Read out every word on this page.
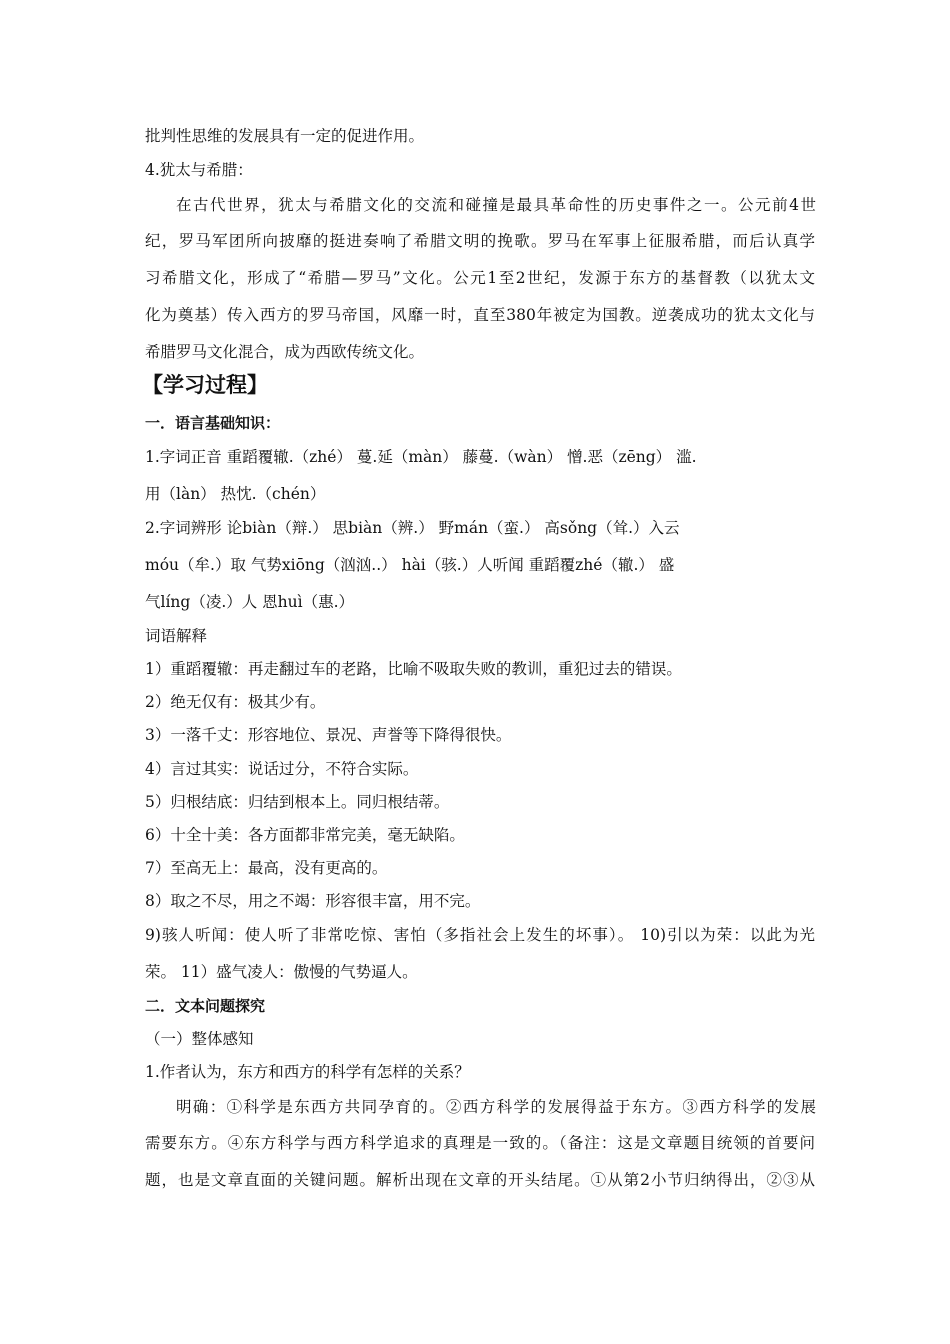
批判性思维的发展具有一定的促进作用。
4.犹太与希腊：
在古代世界，犹太与希腊文化的交流和碰撞是最具革命性的历史事件之一。公元前4世
纪，罗马军团所向披靡的挺进奏响了希腊文明的挽歌。罗马在军事上征服希腊，而后认真学
习希腊文化，形成了“希腊—罗马”文化。公元1至2世纪，发源于东方的基督教（以犹太文
化为奠基）传入西方的罗马帝国，风靡一时，直至380年被定为国教。逆袭成功的犹太文化与
希腊罗马文化混合，成为西欧传统文化。
【学习过程】
一．语言基础知识：
1.字词正音 重蹈覆辙.（zhé） 蔓.延（màn） 藤蔓.（wàn） 憎.恶（zēng） 滥.
用（làn） 热忱.（chén）
2.字词辨形 论biàn（辩.） 思biàn（辨.） 野mán（蛮.） 高sǒng（耸.）入云
móu（牟.）取 气势xiōng（汹汹..） hài（骇.）人听闻 重蹈覆zhé（辙.） 盛
气líng（凌.）人 恩huì（惠.）
词语解释
1）重蹈覆辙：再走翻过车的老路，比喻不吸取失败的教训，重犯过去的错误。
2）绝无仅有：极其少有。
3）一落千丈：形容地位、景况、声誉等下降得很快。
4）言过其实：说话过分，不符合实际。
5）归根结底：归结到根本上。同归根结蒂。
6）十全十美：各方面都非常完美，毫无缺陷。
7）至高无上：最高，没有更高的。
8）取之不尽，用之不竭：形容很丰富，用不完。
9)骇人听闻：使人听了非常吃惊、害怕（多指社会上发生的坏事）。 10)引以为荣：以此为光
荣。 11）盛气凌人：傲慢的气势逼人。
二．文本问题探究
（一）整体感知
1.作者认为，东方和西方的科学有怎样的关系？
明确：①科学是东西方共同孕育的。②西方科学的发展得益于东方。③西方科学的发展
需要东方。④东方科学与西方科学追求的真理是一致的。（备注：这是文章题目统领的首要问
题，也是文章直面的关键问题。解析出现在文章的开头结尾。①从第2小节归纳得出，②③从
